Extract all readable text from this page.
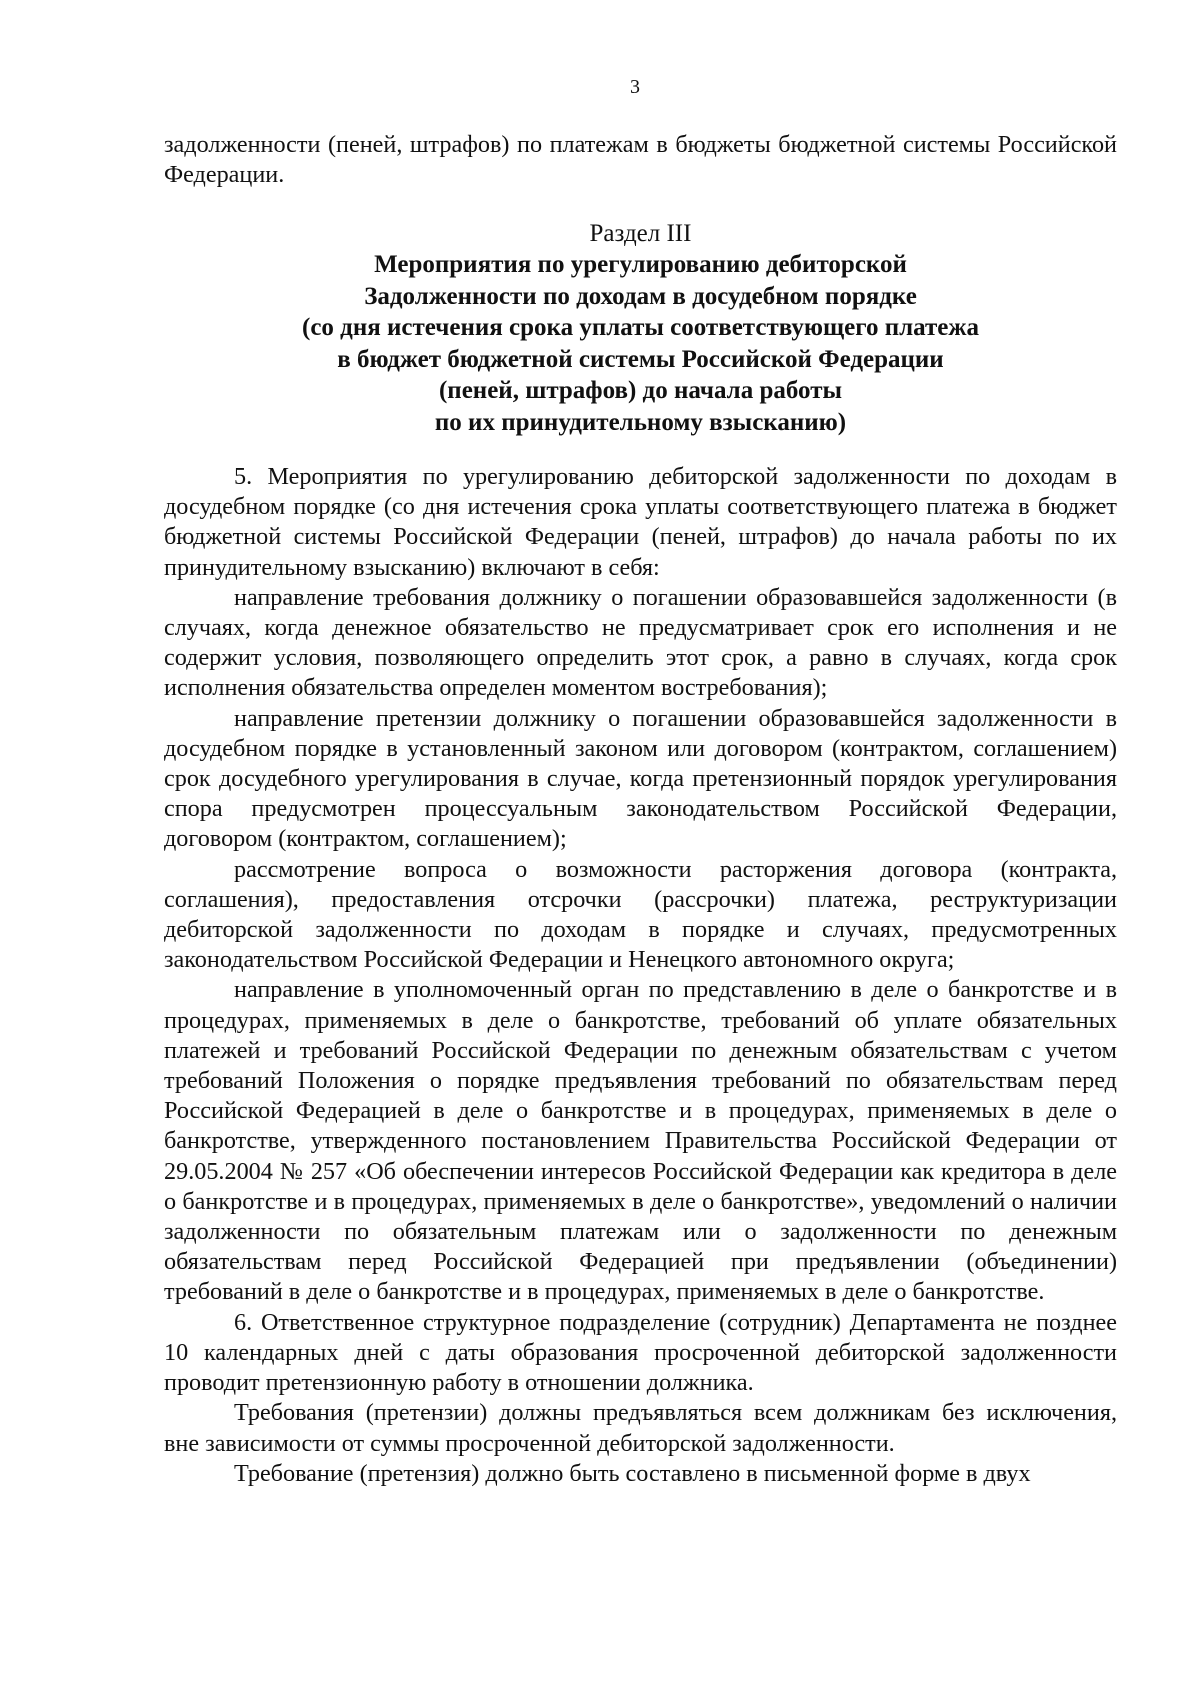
3

задолженности (пеней, штрафов) по платежам в бюджеты бюджетной системы Российской Федерации.

Раздел III
Мероприятия по урегулированию дебиторской
Задолженности по доходам в досудебном порядке
(со дня истечения срока уплаты соответствующего платежа
в бюджет бюджетной системы Российской Федерации
(пеней, штрафов) до начала работы
по их принудительному взысканию)

5. Мероприятия по урегулированию дебиторской задолженности по доходам в досудебном порядке (со дня истечения срока уплаты соответствующего платежа в бюджет бюджетной системы Российской Федерации (пеней, штрафов) до начала работы по их принудительному взысканию) включают в себя:

направление требования должнику о погашении образовавшейся задолженности (в случаях, когда денежное обязательство не предусматривает срок его исполнения и не содержит условия, позволяющего определить этот срок, а равно в случаях, когда срок исполнения обязательства определен моментом востребования);

направление претензии должнику о погашении образовавшейся задолженности в досудебном порядке в установленный законом или договором (контрактом, соглашением) срок досудебного урегулирования в случае, когда претензионный порядок урегулирования спора предусмотрен процессуальным законодательством Российской Федерации, договором (контрактом, соглашением);

рассмотрение вопроса о возможности расторжения договора (контракта, соглашения), предоставления отсрочки (рассрочки) платежа, реструктуризации дебиторской задолженности по доходам в порядке и случаях, предусмотренных законодательством Российской Федерации и Ненецкого автономного округа;

направление в уполномоченный орган по представлению в деле о банкротстве и в процедурах, применяемых в деле о банкротстве, требований об уплате обязательных платежей и требований Российской Федерации по денежным обязательствам с учетом требований Положения о порядке предъявления требований по обязательствам перед Российской Федерацией в деле о банкротстве и в процедурах, применяемых в деле о банкротстве, утвержденного постановлением Правительства Российской Федерации от 29.05.2004 № 257 «Об обеспечении интересов Российской Федерации как кредитора в деле о банкротстве и в процедурах, применяемых в деле о банкротстве», уведомлений о наличии задолженности по обязательным платежам или о задолженности по денежным обязательствам перед Российской Федерацией при предъявлении (объединении) требований в деле о банкротстве и в процедурах, применяемых в деле о банкротстве.

6. Ответственное структурное подразделение (сотрудник) Департамента не позднее 10 календарных дней с даты образования просроченной дебиторской задолженности проводит претензионную работу в отношении должника.

Требования (претензии) должны предъявляться всем должникам без исключения, вне зависимости от суммы просроченной дебиторской задолженности.

Требование (претензия) должно быть составлено в письменной форме в двух
